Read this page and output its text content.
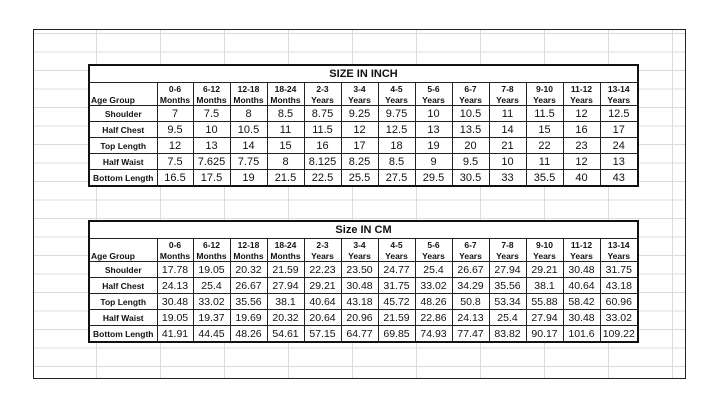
SIZE IN INCH													
	0-6	6-12	12-18	18-24	2-3	3-4	4-5	5-6	6-7	7-8	9-10	11-12	13-14
Age Group	Months	Months	Months	Months	Years	Years	Years	Years	Years	Years	Years	Years	Years
Shoulder	7	7.5	8	8.5	8.75	9.25	9.75	10	10.5	11	11.5	12	12.5
Half Chest	9.5	10	10.5	11	11.5	12	12.5	13	13.5	14	15	16	17
Top Length	12	13	14	15	16	17	18	19	20	21	22	23	24
Half Waist	7.5	7.625	7.75	8	8.125	8.25	8.5	9	9.5	10	11	12	13
Bottom Length	16.5	17.5	19	21.5	22.5	25.5	27.5	29.5	30.5	33	35.5	40	43
Size IN CM													
	0-6	6-12	12-18	18-24	2-3	3-4	4-5	5-6	6-7	7-8	9-10	11-12	13-14
Age Group	Months	Months	Months	Months	Years	Years	Years	Years	Years	Years	Years	Years	Years
Shoulder	17.78	19.05	20.32	21.59	22.23	23.50	24.77	25.4	26.67	27.94	29.21	30.48	31.75
Half Chest	24.13	25.4	26.67	27.94	29.21	30.48	31.75	33.02	34.29	35.56	38.1	40.64	43.18
Top Length	30.48	33.02	35.56	38.1	40.64	43.18	45.72	48.26	50.8	53.34	55.88	58.42	60.96
Half Waist	19.05	19.37	19.69	20.32	20.64	20.96	21.59	22.86	24.13	25.4	27.94	30.48	33.02
Bottom Length	41.91	44.45	48.26	54.61	57.15	64.77	69.85	74.93	77.47	83.82	90.17	101.6	109.22
